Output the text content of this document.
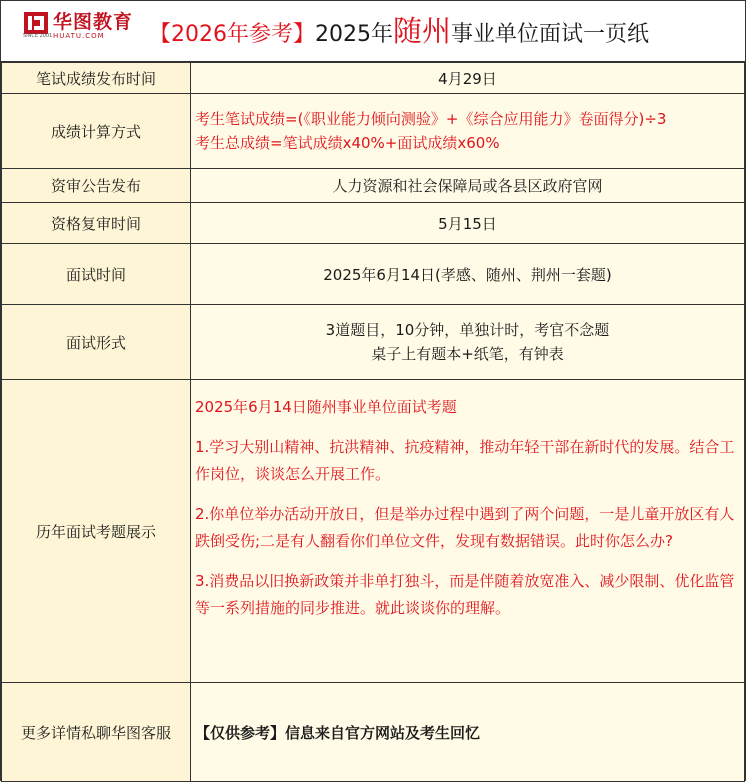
SINCE 2001
华图教育
HUATU.COM	【2026年参考】2025年随州事业单位面试一页纸
笔试成绩发布时间	4月29日
成绩计算方式	考生笔试成绩=(《职业能力倾向测验》+《综合应用能力》卷面得分)÷3
考生总成绩=笔试成绩x40%+面试成绩x60%

资审公告发布	人力资源和社会保障局或各县区政府官网
资格复审时间	5月15日
面试时间	2025年6月14日(孝感、随州、荆州一套题)
面试形式	3道题目，10分钟，单独计时，考官不念题
桌子上有题本+纸笔，有钟表

历年面试考题展示	2025年6月14日随州事业单位面试考题
1.学习大别山精神、抗洪精神、抗疫精神，推动年轻干部在新时代的发展。结合工作岗位，谈谈怎么开展工作。
2.你单位举办活动开放日，但是举办过程中遇到了两个问题，一是儿童开放区有人跌倒受伤;二是有人翻看你们单位文件，发现有数据错误。此时你怎么办?
3.消费品以旧换新政策并非单打独斗，而是伴随着放宽准入、减少限制、优化监管等一系列措施的同步推进。就此谈谈你的理解。

更多详情私聊华图客服	【仅供参考】信息来自官方网站及考生回忆
